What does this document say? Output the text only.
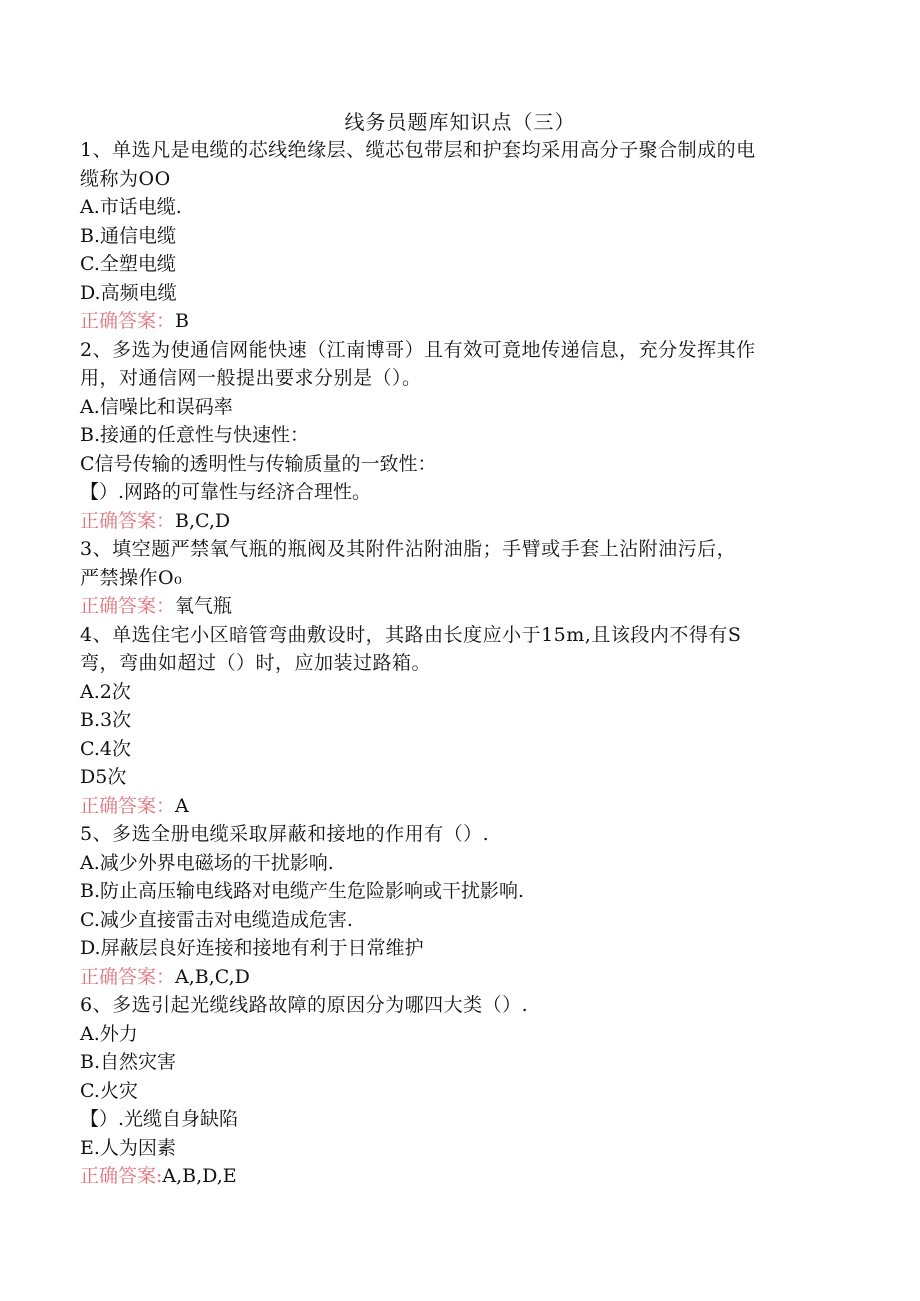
线务员题库知识点（三）

1、单选凡是电缆的芯线绝缘层、缆芯包带层和护套均采用高分子聚合制成的电

缆称为OO

A.市话电缆.

B.通信电缆

C.全塑电缆

D.高频电缆

正确答案：B

2、多选为使通信网能快速（江南博哥）且有效可竟地传递信息，充分发挥其作

用，对通信网一般提出要求分别是（）。

A.信噪比和误码率

B.接通的任意性与快速性：

C信号传输的透明性与传输质量的一致性：

【）.网路的可靠性与经济合理性。

正确答案：B,C,D

3、填空题严禁氧气瓶的瓶阀及其附件沾附油脂；手臂或手套上沾附油污后，

严禁操作O₀

正确答案：氧气瓶

4、单选住宅小区暗管弯曲敷设时，其路由长度应小于15m,且该段内不得有S

弯，弯曲如超过（）时，应加装过路箱。

A.2次

B.3次

C.4次

D5次

正确答案：A

5、多选全册电缆采取屏蔽和接地的作用有（）.

A.减少外界电磁场的干扰影响.

B.防止高压输电线路对电缆产生危险影响或干扰影响.

C.减少直接雷击对电缆造成危害.

D.屏蔽层良好连接和接地有利于日常维护

正确答案：A,B,C,D

6、多选引起光缆线路故障的原因分为哪四大类（）.

A.外力

B.自然灾害

C.火灾

【）.光缆自身缺陷

E.人为因素

正确答案:A,B,D,E
